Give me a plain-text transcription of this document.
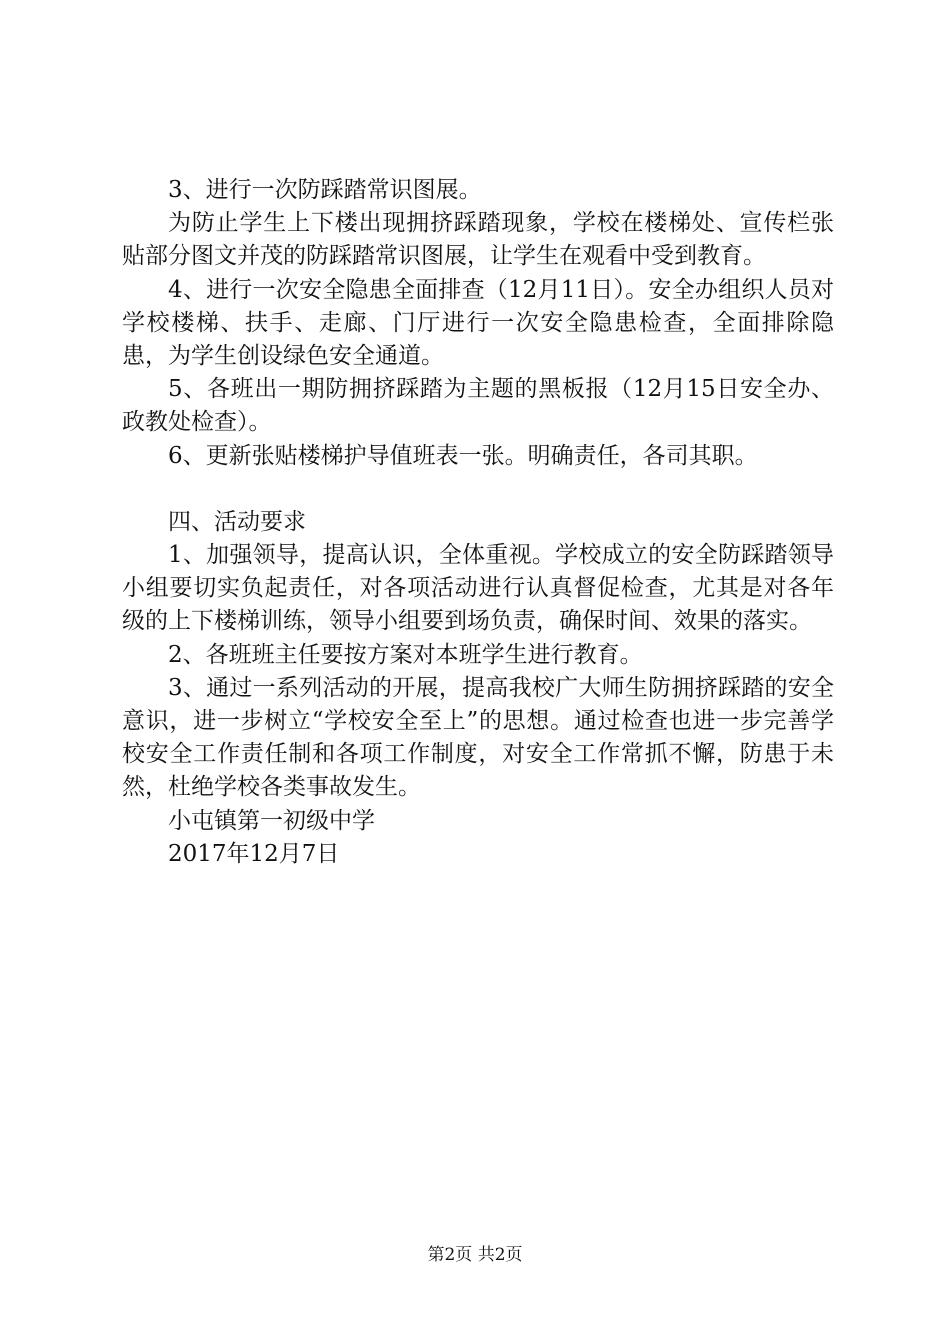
3、进行一次防踩踏常识图展。

为防止学生上下楼出现拥挤踩踏现象，学校在楼梯处、宣传栏张贴部分图文并茂的防踩踏常识图展，让学生在观看中受到教育。

4、进行一次安全隐患全面排查（12月11日）。安全办组织人员对学校楼梯、扶手、走廊、门厅进行一次安全隐患检查，全面排除隐患，为学生创设绿色安全通道。

5、各班出一期防拥挤踩踏为主题的黑板报（12月15日安全办、政教处检查）。

6、更新张贴楼梯护导值班表一张。明确责任，各司其职。

四、活动要求

1、加强领导，提高认识，全体重视。学校成立的安全防踩踏领导小组要切实负起责任，对各项活动进行认真督促检查，尤其是对各年级的上下楼梯训练，领导小组要到场负责，确保时间、效果的落实。

2、各班班主任要按方案对本班学生进行教育。

3、通过一系列活动的开展，提高我校广大师生防拥挤踩踏的安全意识，进一步树立“学校安全至上”的思想。通过检查也进一步完善学校安全工作责任制和各项工作制度，对安全工作常抓不懈，防患于未然，杜绝学校各类事故发生。

小屯镇第一初级中学

2017年12月7日

第2页 共2页
